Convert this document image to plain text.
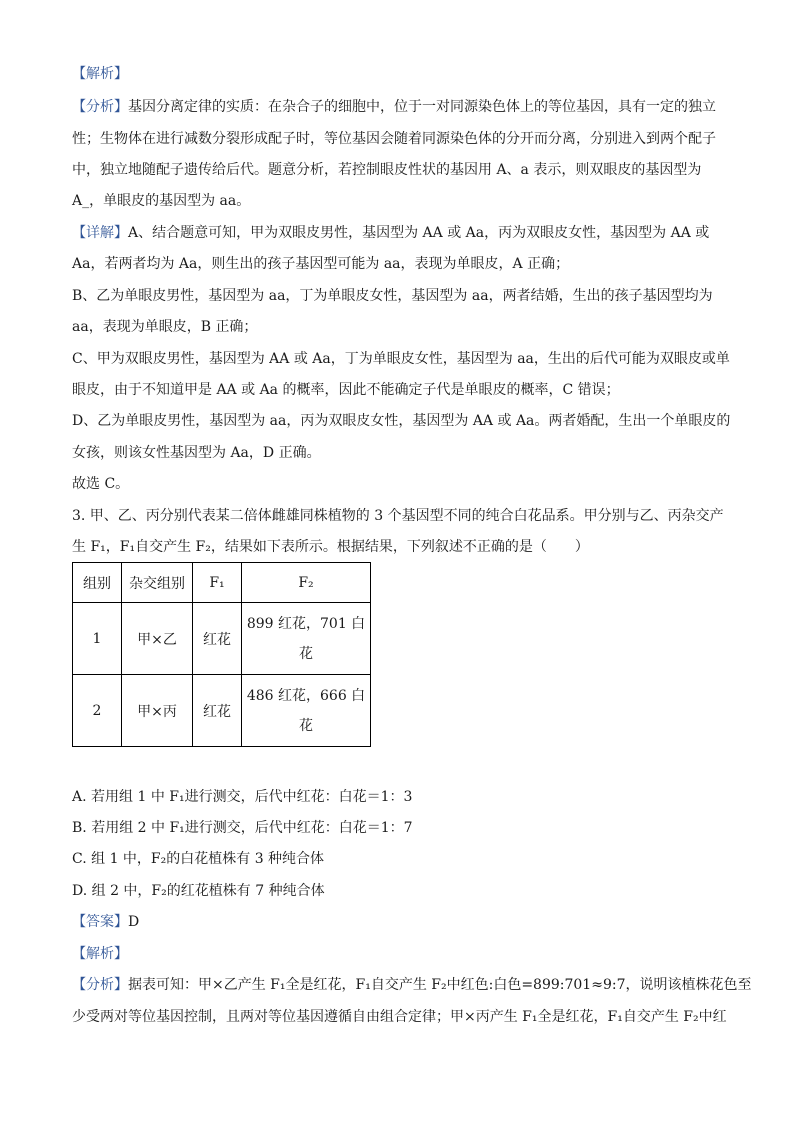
【解析】
【分析】基因分离定律的实质：在杂合子的细胞中，位于一对同源染色体上的等位基因，具有一定的独立
性；生物体在进行减数分裂形成配子时，等位基因会随着同源染色体的分开而分离，分别进入到两个配子
中，独立地随配子遗传给后代。题意分析，若控制眼皮性状的基因用 A、a 表示，则双眼皮的基因型为
A_，单眼皮的基因型为 aa。
【详解】A、结合题意可知，甲为双眼皮男性，基因型为 AA 或 Aa，丙为双眼皮女性，基因型为 AA 或
Aa，若两者均为 Aa，则生出的孩子基因型可能为 aa，表现为单眼皮，A 正确；
B、乙为单眼皮男性，基因型为 aa，丁为单眼皮女性，基因型为 aa，两者结婚，生出的孩子基因型均为
aa，表现为单眼皮，B 正确；
C、甲为双眼皮男性，基因型为 AA 或 Aa，丁为单眼皮女性，基因型为 aa，生出的后代可能为双眼皮或单
眼皮，由于不知道甲是 AA 或 Aa 的概率，因此不能确定子代是单眼皮的概率，C 错误；
D、乙为单眼皮男性，基因型为 aa，丙为双眼皮女性，基因型为 AA 或 Aa。两者婚配，生出一个单眼皮的
女孩，则该女性基因型为 Aa，D 正确。
故选 C。
3. 甲、乙、丙分别代表某二倍体雌雄同株植物的 3 个基因型不同的纯合白花品系。甲分别与乙、丙杂交产
生 F₁，F₁自交产生 F₂，结果如下表所示。根据结果，下列叙述不正确的是（　　）
组别	杂交组别	F₁	F₂
1	甲×乙	红花	899 红花，701 白
花

2	甲×丙	红花	486 红花，666 白
花
A. 若用组 1 中 F₁进行测交，后代中红花：白花＝1：3
B. 若用组 2 中 F₁进行测交，后代中红花：白花＝1：7
C. 组 1 中，F₂的白花植株有 3 种纯合体
D. 组 2 中，F₂的红花植株有 7 种纯合体
【答案】D
【解析】
【分析】据表可知：甲×乙产生 F₁全是红花，F₁自交产生 F₂中红色:白色=899:701≈9:7，说明该植株花色至
少受两对等位基因控制，且两对等位基因遵循自由组合定律；甲×丙产生 F₁全是红花，F₁自交产生 F₂中红
